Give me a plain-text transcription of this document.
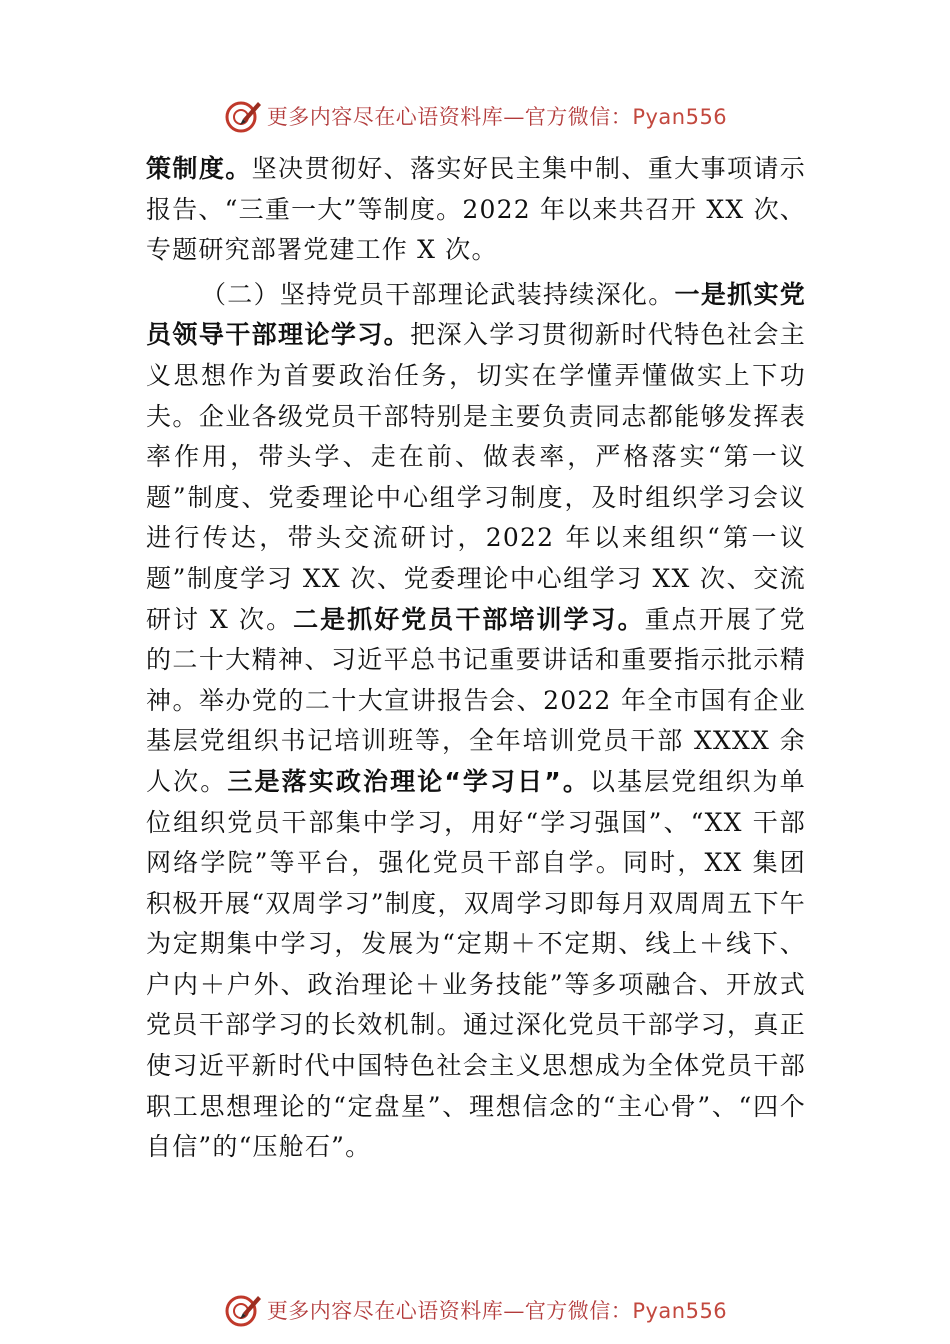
更多内容尽在心语资料库—官方微信：Pyan556

策制度。坚决贯彻好、落实好民主集中制、重大事项请示报告、“三重一大”等制度。2022 年以来共召开 XX 次、专题研究部署党建工作 X 次。

（二）坚持党员干部理论武装持续深化。一是抓实党员领导干部理论学习。把深入学习贯彻新时代特色社会主义思想作为首要政治任务，切实在学懂弄懂做实上下功夫。企业各级党员干部特别是主要负责同志都能够发挥表率作用，带头学、走在前、做表率，严格落实“第一议题”制度、党委理论中心组学习制度，及时组织学习会议进行传达，带头交流研讨，2022 年以来组织“第一议题”制度学习 XX 次、党委理论中心组学习 XX 次、交流研讨 X 次。二是抓好党员干部培训学习。重点开展了党的二十大精神、习近平总书记重要讲话和重要指示批示精神。举办党的二十大宣讲报告会、2022 年全市国有企业基层党组织书记培训班等，全年培训党员干部 XXXX 余人次。三是落实政治理论“学习日”。以基层党组织为单位组织党员干部集中学习，用好“学习强国”、“XX 干部网络学院”等平台，强化党员干部自学。同时，XX 集团积极开展“双周学习”制度，双周学习即每月双周周五下午为定期集中学习，发展为“定期＋不定期、线上＋线下、户内＋户外、政治理论＋业务技能”等多项融合、开放式党员干部学习的长效机制。通过深化党员干部学习，真正使习近平新时代中国特色社会主义思想成为全体党员干部职工思想理论的“定盘星”、理想信念的“主心骨”、“四个自信”的“压舱石”。

更多内容尽在心语资料库—官方微信：Pyan556
